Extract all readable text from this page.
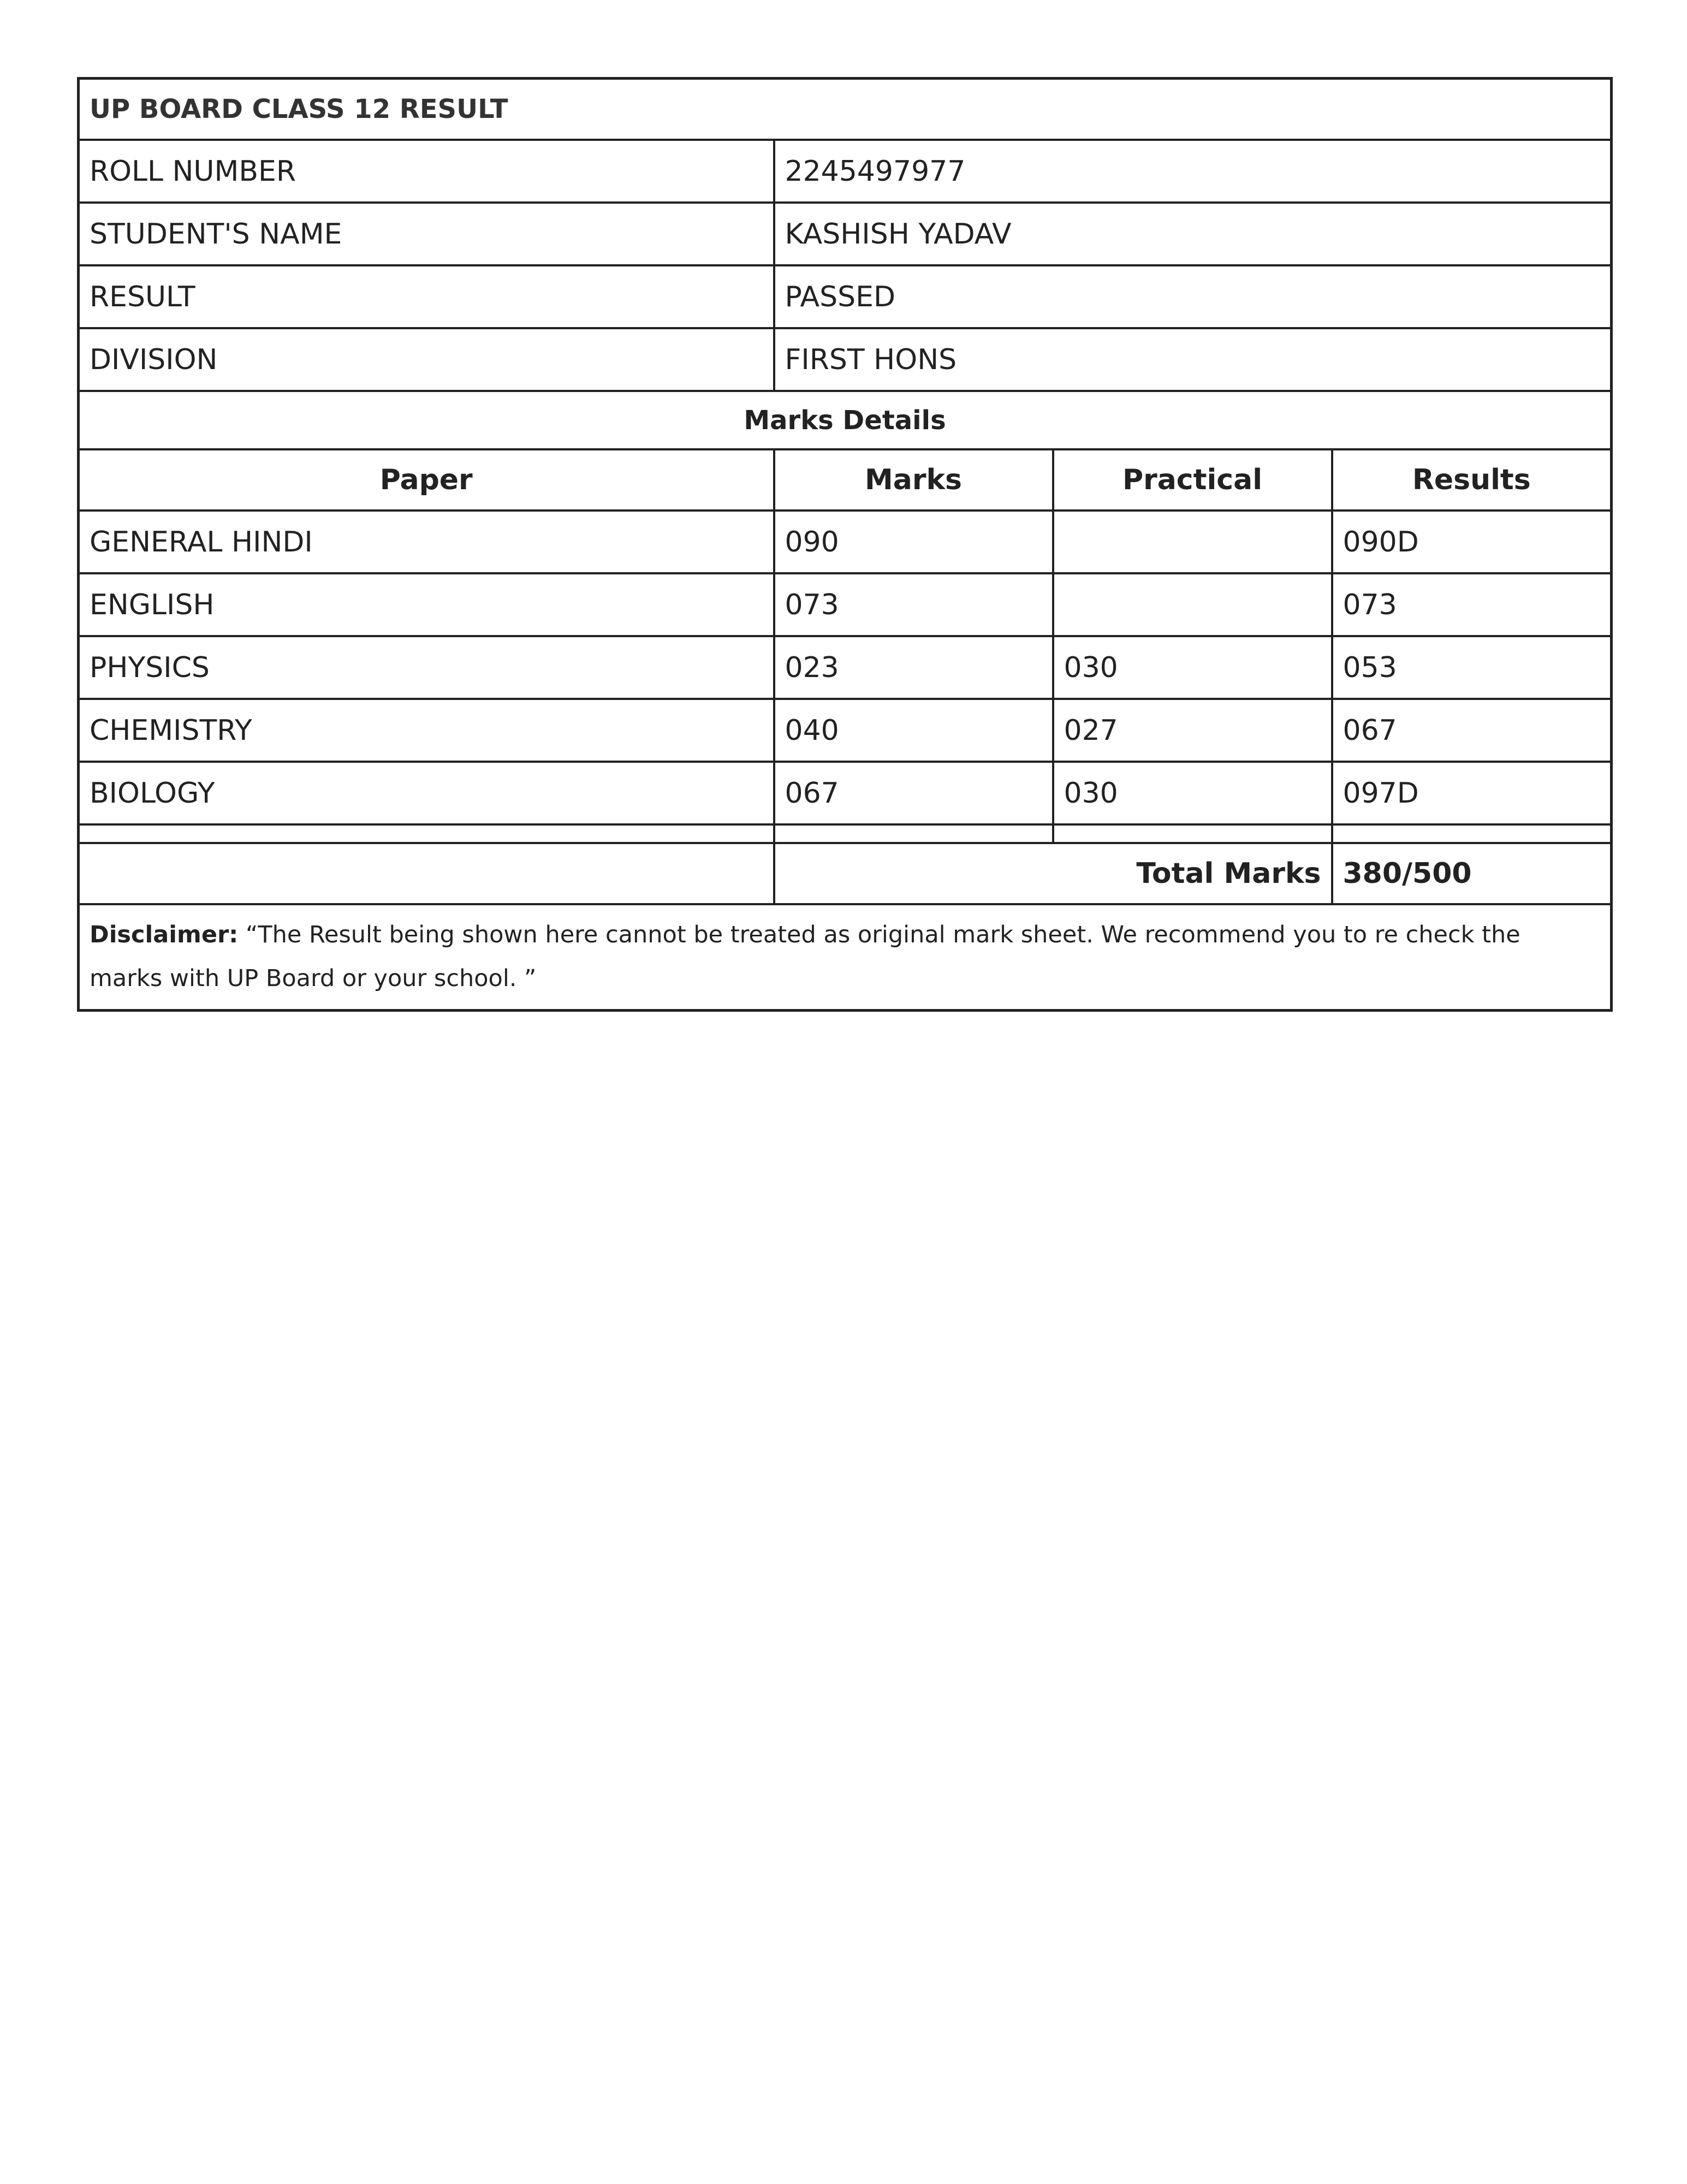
UP BOARD CLASS 12 RESULT			
ROLL NUMBER	2245497977		
STUDENT'S NAME	KASHISH YADAV		
RESULT	PASSED		
DIVISION	FIRST HONS		
Marks Details			
Paper	Marks	Practical	Results
GENERAL HINDI	090		090D
ENGLISH	073		073
PHYSICS	023	030	053
CHEMISTRY	040	027	067
BIOLOGY	067	030	097D

	Total Marks		380/500
Disclaimer: “The Result being shown here cannot be treated as original mark sheet. We recommend you to re check the marks with UP Board or your school. ”			
